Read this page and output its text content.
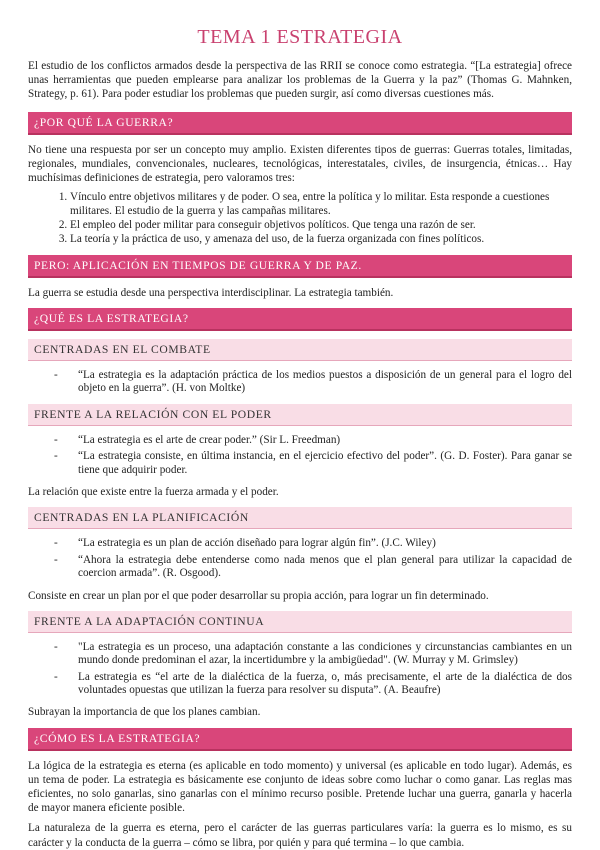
TEMA 1 ESTRATEGIA

El estudio de los conflictos armados desde la perspectiva de las RRII se conoce como estrategia. “[La estrategia] ofrece unas herramientas que pueden emplearse para analizar los problemas de la Guerra y la paz” (Thomas G. Mahnken, Strategy, p. 61). Para poder estudiar los problemas que pueden surgir, así como diversas cuestiones más.

¿POR QUÉ LA GUERRA?

No tiene una respuesta por ser un concepto muy amplio. Existen diferentes tipos de guerras: Guerras totales, limitadas, regionales, mundiales, convencionales, nucleares, tecnológicas, interestatales, civiles, de insurgencia, étnicas… Hay muchísimas definiciones de estrategia, pero valoramos tres:

1. Vínculo entre objetivos militares y de poder. O sea, entre la política y lo militar. Esta responde a cuestiones militares. El estudio de la guerra y las campañas militares.
2. El empleo del poder militar para conseguir objetivos políticos. Que tenga una razón de ser.
3. La teoría y la práctica de uso, y amenaza del uso, de la fuerza organizada con fines políticos.
PERO: APLICACIÓN EN TIEMPOS DE GUERRA Y DE PAZ.

La guerra se estudia desde una perspectiva interdisciplinar. La estrategia también.

¿QUÉ ES LA ESTRATEGIA?
CENTRADAS EN EL COMBATE
- “La estrategia es la adaptación práctica de los medios puestos a disposición de un general para el logro del objeto en la guerra”. (H. von Moltke)
FRENTE A LA RELACIÓN CON EL PODER
- “La estrategia es el arte de crear poder.” (Sir L. Freedman)
- “La estrategia consiste, en última instancia, en el ejercicio efectivo del poder”. (G. D. Foster). Para ganar se tiene que adquirir poder.

La relación que existe entre la fuerza armada y el poder.

CENTRADAS EN LA PLANIFICACIÓN
- “La estrategia es un plan de acción diseñado para lograr algún fin”. (J.C. Wiley)
- “Ahora la estrategia debe entenderse como nada menos que el plan general para utilizar la capacidad de coercion armada”. (R. Osgood).

Consiste en crear un plan por el que poder desarrollar su propia acción, para lograr un fin determinado.

FRENTE A LA ADAPTACIÓN CONTINUA
- "La estrategia es un proceso, una adaptación constante a las condiciones y circunstancias cambiantes en un mundo donde predominan el azar, la incertidumbre y la ambigüedad". (W. Murray y M. Grimsley)
- La estrategia es “el arte de la dialéctica de la fuerza, o, más precisamente, el arte de la dialéctica de dos voluntades opuestas que utilizan la fuerza para resolver su disputa”. (A. Beaufre)

Subrayan la importancia de que los planes cambian.

¿CÓMO ES LA ESTRATEGIA?

La lógica de la estrategia es eterna (es aplicable en todo momento) y universal (es aplicable en todo lugar). Además, es un tema de poder. La estrategia es básicamente ese conjunto de ideas sobre como luchar o como ganar. Las reglas mas eficientes, no solo ganarlas, sino ganarlas con el mínimo recurso posible. Pretende luchar una guerra, ganarla y hacerla de mayor manera eficiente posible.

La naturaleza de la guerra es eterna, pero el carácter de las guerras particulares varía: la guerra es lo mismo, es su carácter y la conducta de la guerra – cómo se libra, por quién y para qué termina – lo que cambia.
